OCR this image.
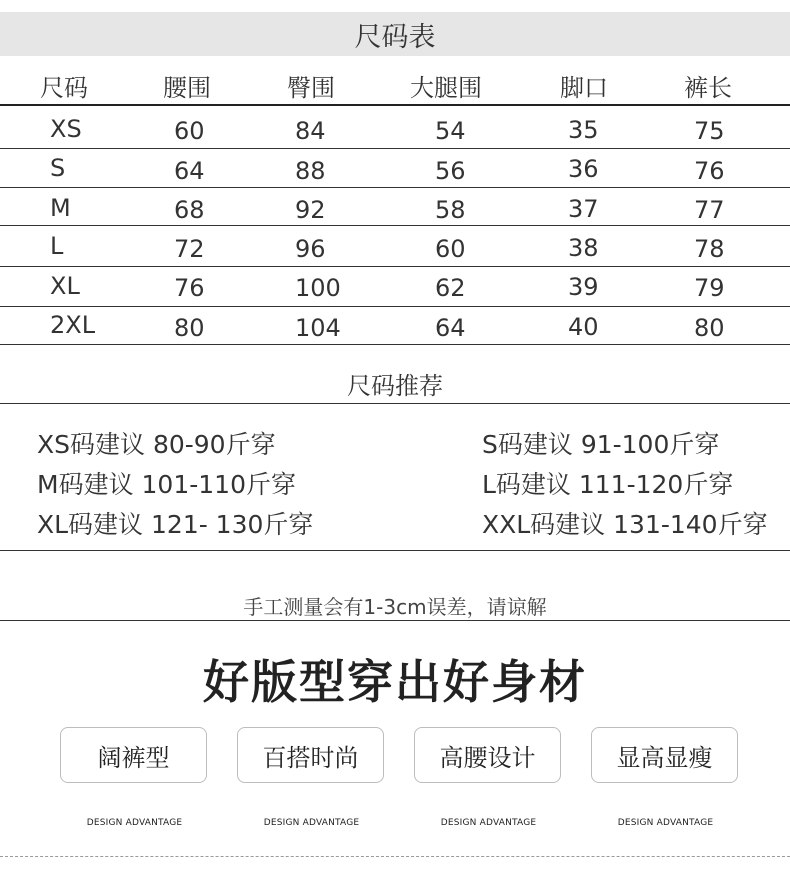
尺码表
尺码	腰围	臀围	大腿围	脚口	裤长
XS	60	84	54	35	75
S	64	88	56	36	76
M	68	92	58	37	77
L	72	96	60	38	78
XL	76	100	62	39	79
2XL	80	104	64	40	80
尺码推荐
XS码建议 80-90斤穿	S码建议 91-100斤穿
M码建议 101-110斤穿	L码建议 111-120斤穿
XL码建议 121- 130斤穿	XXL码建议 131-140斤穿
手工测量会有1-3cm误差，请谅解
好版型穿出好身材
阔裤型	百搭时尚	高腰设计	显高显瘦
DESIGN ADVANTAGE	DESIGN ADVANTAGE	DESIGN ADVANTAGE	DESIGN ADVANTAGE
